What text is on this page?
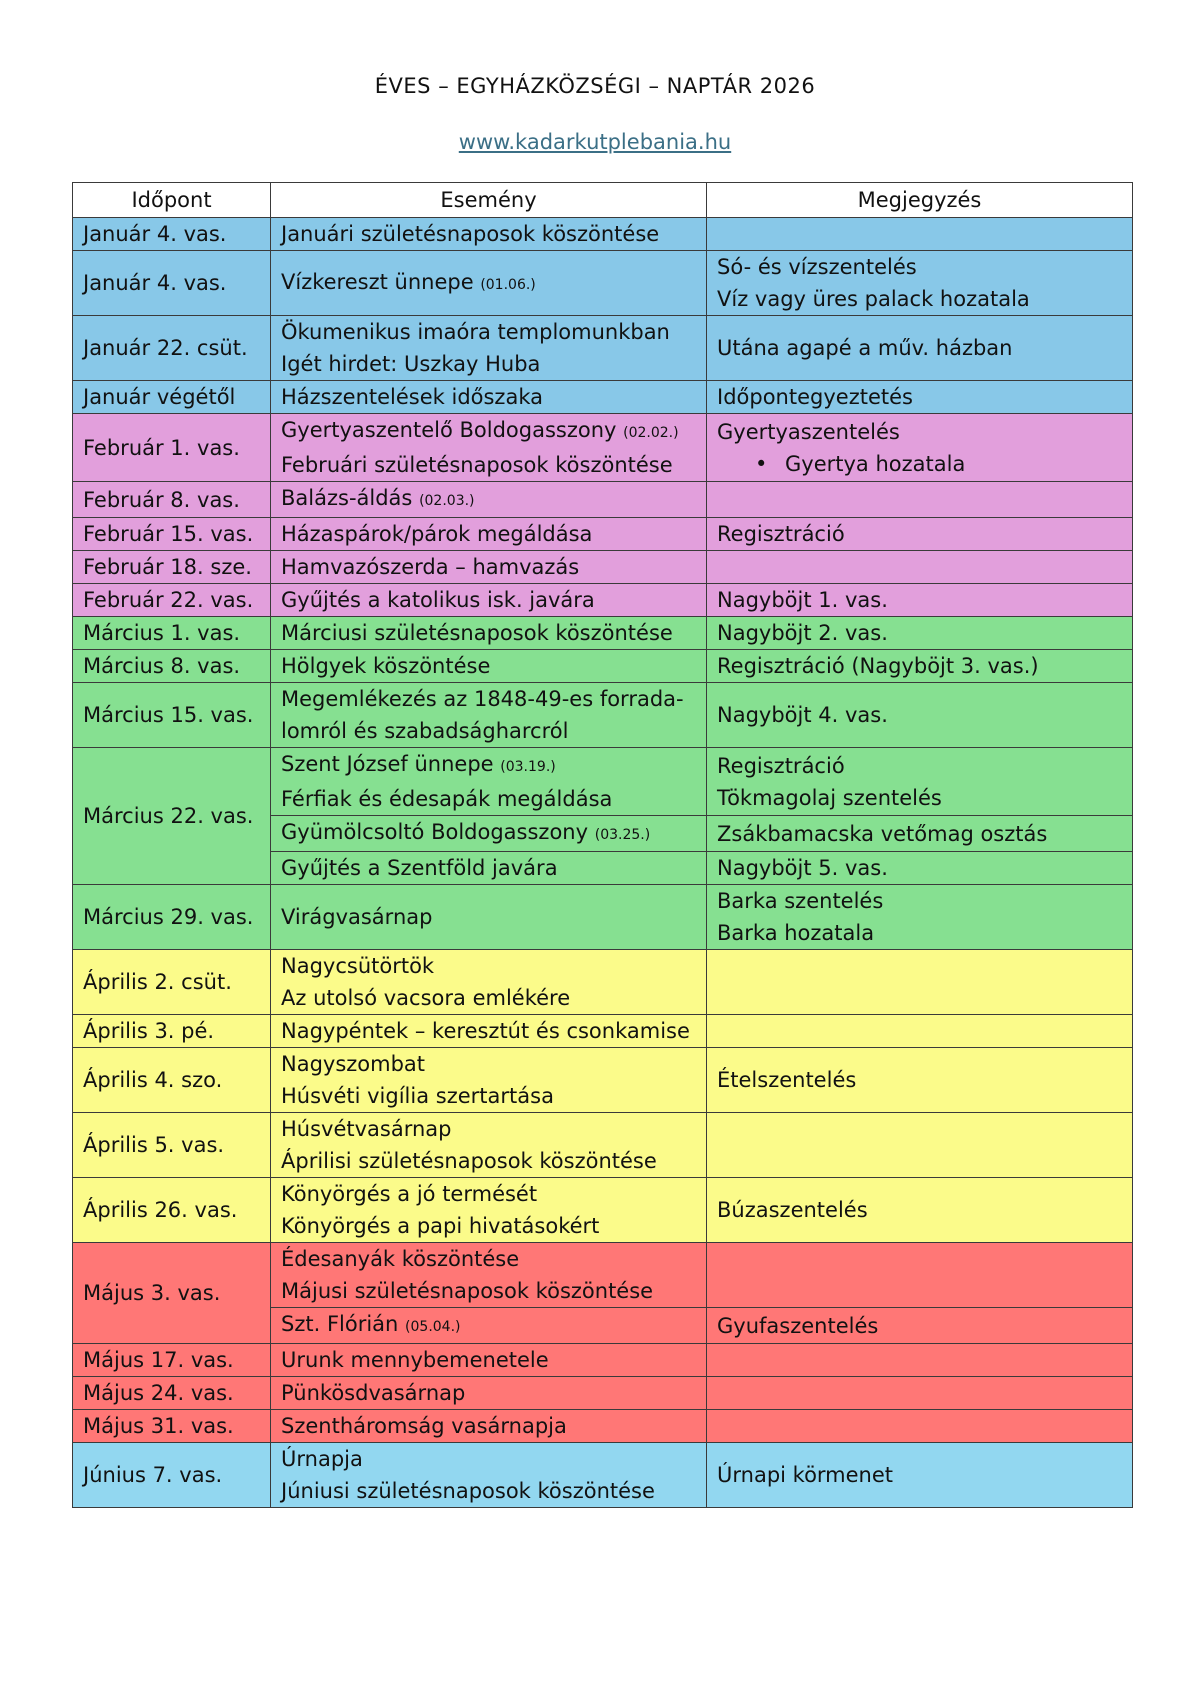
ÉVES – EGYHÁZKÖZSÉGI – NAPTÁR 2026
www.kadarkutplebania.hu
Időpont	Esemény	Megjegyzés
Január 4. vas.	Januári születésnaposok köszöntése	
Január 4. vas.	Vízkereszt ünnepe (01.06.)	Só- és vízszentelés
Víz vagy üres palack hozatala

Január 22. csüt.	Ökumenikus imaóra templomunkban
Igét hirdet: Uszkay Huba	Utána agapé a műv. házban
Január végétől	Házszentelések időszaka	Időpontegyeztetés
Február 1. vas.	Gyertyaszentelő Boldogasszony (02.02.)
Februári születésnaposok köszöntése	Gyertyaszentelés
• Gyertya hozatala

Február 8. vas.	Balázs-áldás (02.03.)	
Február 15. vas.	Házaspárok/párok megáldása	Regisztráció
Február 18. sze.	Hamvazószerda – hamvazás	
Február 22. vas.	Gyűjtés a katolikus isk. javára	Nagyböjt 1. vas.
Március 1. vas.	Márciusi születésnaposok köszöntése	Nagyböjt 2. vas.
Március 8. vas.	Hölgyek köszöntése	Regisztráció (Nagyböjt 3. vas.)
Március 15. vas.	Megemlékezés az 1848-49-es forrada-
lomról és szabadságharcról	Nagyböjt 4. vas.
Március 22. vas.	Szent József ünnepe (03.19.)
Férfiak és édesapák megáldása	Regisztráció
Tökmagolaj szentelés

	Gyümölcsoltó Boldogasszony (03.25.)	Zsákbamacska vetőmag osztás
	Gyűjtés a Szentföld javára	Nagyböjt 5. vas.
Március 29. vas.	Virágvasárnap	Barka szentelés
Barka hozatala

Április 2. csüt.	Nagycsütörtök
Az utolsó vacsora emlékére	

Április 3. pé.	Nagypéntek – keresztút és csonkamise	
Április 4. szo.	Nagyszombat
Húsvéti vigília szertartása	Ételszentelés
Április 5. vas.	Húsvétvasárnap
Áprilisi születésnaposok köszöntése	

Április 26. vas.	Könyörgés a jó termését
Könyörgés a papi hivatásokért	Búzaszentelés
Május 3. vas.	Édesanyák köszöntése
Májusi születésnaposok köszöntése	

	Szt. Flórián (05.04.)	Gyufaszentelés
Május 17. vas.	Urunk mennybemenetele	
Május 24. vas.	Pünkösdvasárnap	
Május 31. vas.	Szentháromság vasárnapja	
Június 7. vas.	Úrnapja
Júniusi születésnaposok köszöntése	Úrnapi körmenet
